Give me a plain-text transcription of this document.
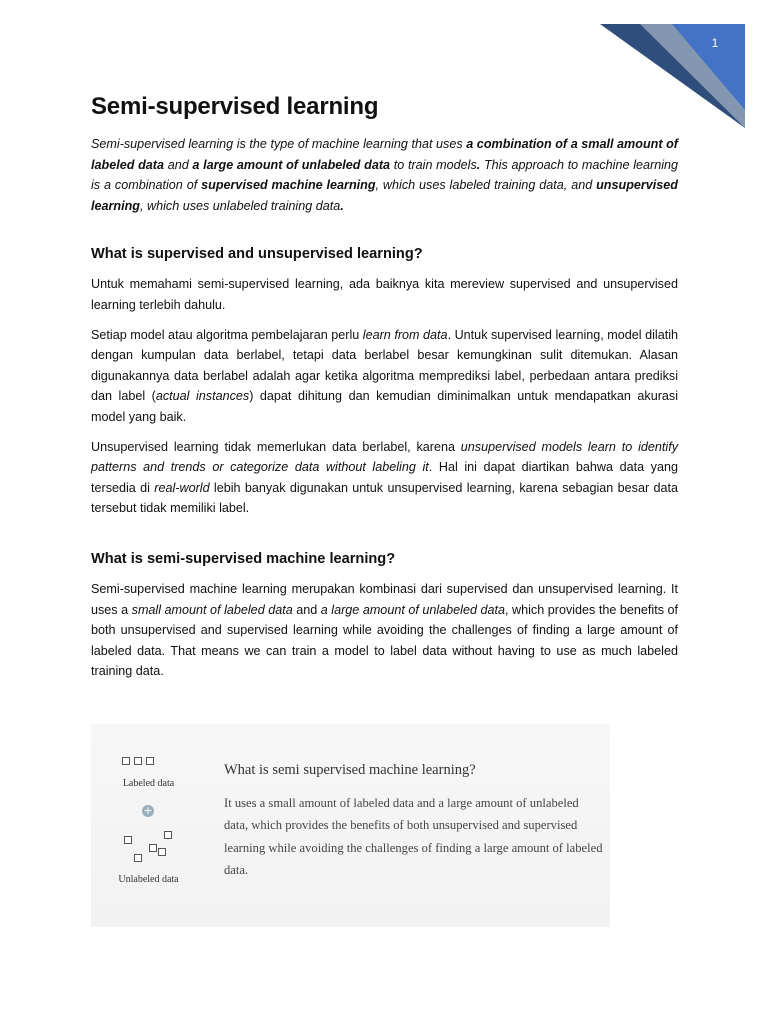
1
Semi-supervised learning

Semi-supervised learning is the type of machine learning that uses a combination of a small amount of labeled data and a large amount of unlabeled data to train models. This approach to machine learning is a combination of supervised machine learning, which uses labeled training data, and unsupervised learning, which uses unlabeled training data.

What is supervised and unsupervised learning?

Untuk memahami semi-supervised learning, ada baiknya kita mereview supervised and unsupervised learning terlebih dahulu.

Setiap model atau algoritma pembelajaran perlu learn from data. Untuk supervised learning, model dilatih dengan kumpulan data berlabel, tetapi data berlabel besar kemungkinan sulit ditemukan. Alasan digunakannya data berlabel adalah agar ketika algoritma memprediksi label, perbedaan antara prediksi dan label (actual instances) dapat dihitung dan kemudian diminimalkan untuk mendapatkan akurasi model yang baik.

Unsupervised learning tidak memerlukan data berlabel, karena unsupervised models learn to identify patterns and trends or categorize data without labeling it. Hal ini dapat diartikan bahwa data yang tersedia di real-world lebih banyak digunakan untuk unsupervised learning, karena sebagian besar data tersebut tidak memiliki label.

What is semi-supervised machine learning?

Semi-supervised machine learning merupakan kombinasi dari supervised dan unsupervised learning. It uses a small amount of labeled data and a large amount of unlabeled data, which provides the benefits of both unsupervised and supervised learning while avoiding the challenges of finding a large amount of labeled data. That means we can train a model to label data without having to use as much labeled training data.

Labeled data
+
Unlabeled data
What is semi supervised machine learning?
It uses a small amount of labeled data and a large amount of unlabeled data, which provides the benefits of both unsupervised and supervised learning while avoiding the challenges of finding a large amount of labeled data.
